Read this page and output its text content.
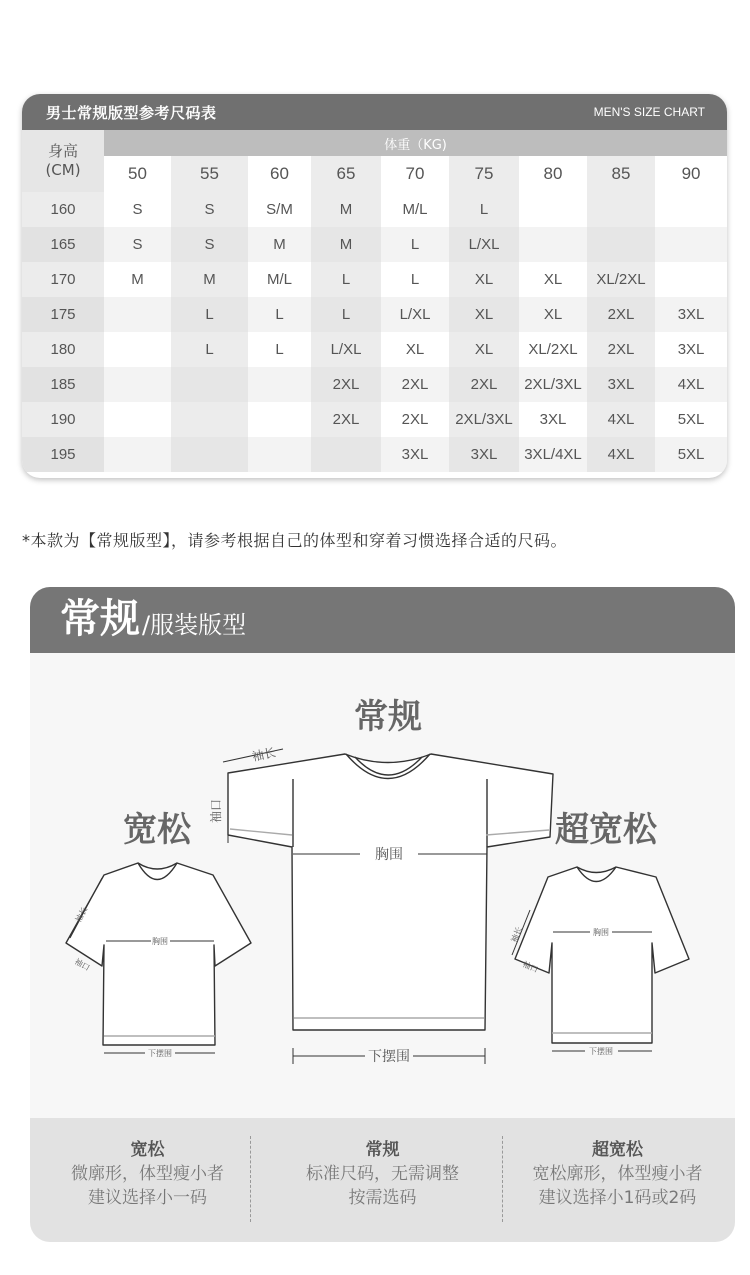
男士常规版型参考尺码表	MEN'S SIZE CHART
身高
(CM)	体重（KG)								
	50	55	60	65	70	75	80	85	90
160	S	S	S/M	M	M/L	L			
165	S	S	M	M	L	L/XL			
170	M	M	M/L	L	L	XL	XL	XL/2XL	
175		L	L	L	L/XL	XL	XL	2XL	3XL
180		L	L	L/XL	XL	XL	XL/2XL	2XL	3XL
185				2XL	2XL	2XL	2XL/3XL	3XL	4XL
190				2XL	2XL	2XL/3XL	3XL	4XL	5XL
195					3XL	3XL	3XL/4XL	4XL	5XL
*本款为【常规版型】，请参考根据自己的体型和穿着习惯选择合适的尺码。
常规 /服装版型
常规
宽松	超宽松
胸围
下摆围
袖长
袖口
胸围
下摆围
袖长
袖口
胸围
下摆围
袖长
袖口
宽松
微廓形，体型瘦小者
建议选择小一码
常规
标准尺码，无需调整
按需选码
超宽松
宽松廓形，体型瘦小者
建议选择小1码或2码
